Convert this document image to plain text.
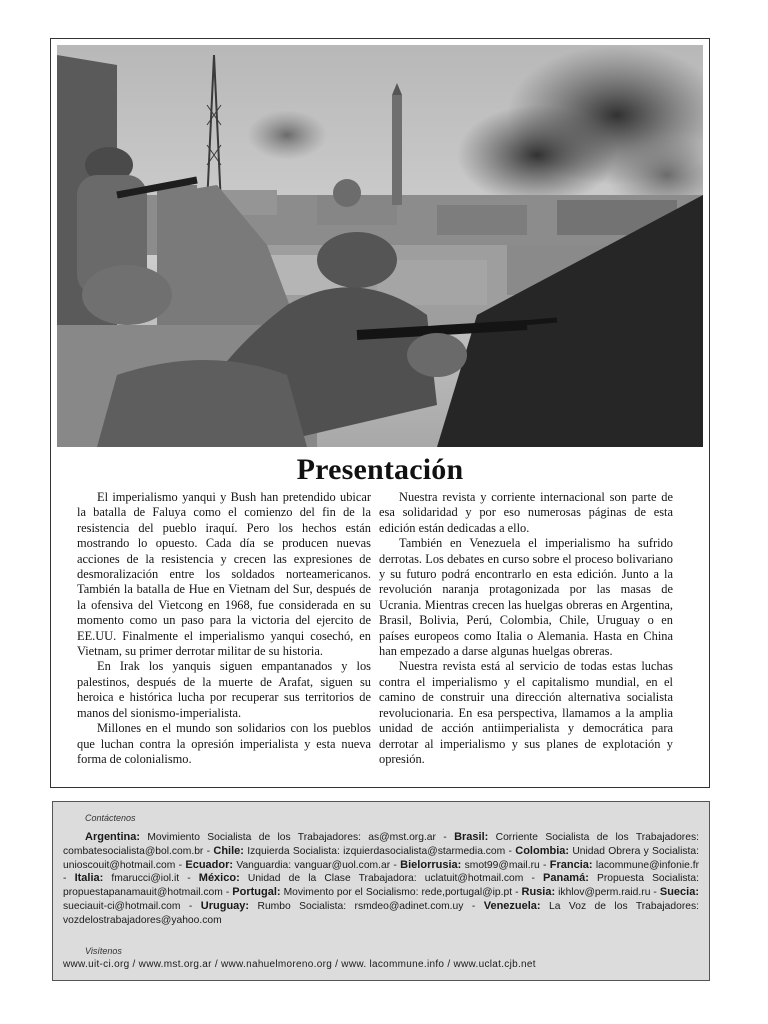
Presentación

El imperialismo yanqui y Bush han pretendido ubicar la batalla de Faluya como el comienzo del fin de la resistencia del pueblo iraquí. Pero los hechos están mostrando lo opuesto. Cada día se producen nuevas acciones de la resistencia y crecen las expresiones de desmoralización entre los soldados norteamericanos. También la batalla de Hue en Vietnam del Sur, después de la ofensiva del Vietcong en 1968, fue considerada en su momento como un paso para la victoria del ejercito de EE.UU. Finalmente el imperialismo yanqui cosechó, en Vietnam, su primer derrotar militar de su historia.

En Irak los yanquis siguen empantanados y los palestinos, después de la muerte de Arafat, siguen su heroica e histórica lucha por recuperar sus territorios de manos del sionismo-imperialista.

Millones en el mundo son solidarios con los pueblos que luchan contra la opresión imperialista y esta nueva forma de colonialismo.

Nuestra revista y corriente internacional son parte de esa solidaridad y por eso numerosas páginas de esta edición están dedicadas a ello.

También en Venezuela el imperialismo ha sufrido derrotas. Los debates en curso sobre el proceso bolivariano y su futuro podrá encontrarlo en esta edición. Junto a la revolución naranja protagonizada por las masas de Ucrania. Mientras crecen las huelgas obreras en Argentina, Brasil, Bolivia, Perú, Colombia, Chile, Uruguay o en países europeos como Italia o Alemania. Hasta en China han empezado a darse algunas huelgas obreras.

Nuestra revista está al servicio de todas estas luchas contra el imperialismo y el capitalismo mundial, en el camino de construir una dirección alternativa socialista revolucionaria. En esa perspectiva, llamamos a la amplia unidad de acción antiimperialista y democrática para derrotar al imperialismo y sus planes de explotación y opresión.

Contáctenos

Argentina: Movimiento Socialista de los Trabajadores: as@mst.org.ar - Brasil: Corriente Socialista de los Trabajadores: combatesocialista@bol.com.br - Chile: Izquierda Socialista: izquierdasocialista@starmedia.com - Colombia: Unidad Obrera y Socialista: unioscouit@hotmail.com - Ecuador: Vanguardia: vanguar@uol.com.ar - Bielorrusia: smot99@mail.ru - Francia: lacommune@infonie.fr - Italia: fmarucci@iol.it - México: Unidad de la Clase Trabajadora: uclatuit@hotmail.com - Panamá: Propuesta Socialista: propuestapanamauit@hotmail.com - Portugal: Movimento por el Socialismo: rede,portugal@ip.pt - Rusia: ikhlov@perm.raid.ru - Suecia: sueciauit-ci@hotmail.com - Uruguay: Rumbo Socialista: rsmdeo@adinet.com.uy - Venezuela: La Voz de los Trabajadores: vozdelostrabajadores@yahoo.com

Visítenos
www.uit-ci.org / www.mst.org.ar / www.nahuelmoreno.org / www. lacommune.info / www.uclat.cjb.net
